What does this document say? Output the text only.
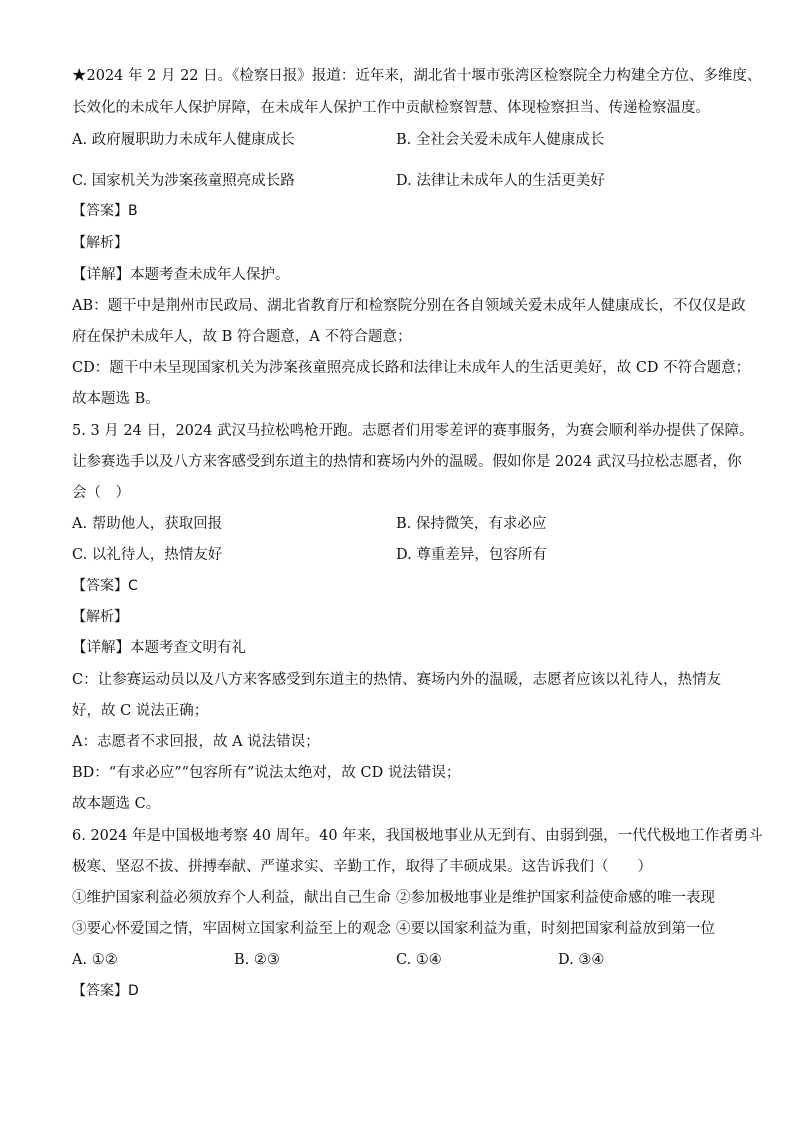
★2024 年 2 月 22 日。《检察日报》报道：近年来，湖北省十堰市张湾区检察院全力构建全方位、多维度、
长效化的未成年人保护屏障，在未成年人保护工作中贡献检察智慧、体现检察担当、传递检察温度。
A. 政府履职助力未成年人健康成长	B. 全社会关爱未成年人健康成长
C. 国家机关为涉案孩童照亮成长路	D. 法律让未成年人的生活更美好
【答案】B
【解析】
【详解】本题考查未成年人保护。
AB：题干中是荆州市民政局、湖北省教育厅和检察院分别在各自领域关爱未成年人健康成长，不仅仅是政
府在保护未成年人，故 B 符合题意，A 不符合题意；
CD：题干中未呈现国家机关为涉案孩童照亮成长路和法律让未成年人的生活更美好，故 CD 不符合题意；
故本题选 B。
5. 3 月 24 日，2024 武汉马拉松鸣枪开跑。志愿者们用零差评的赛事服务，为赛会顺利举办提供了保障。
让参赛选手以及八方来客感受到东道主的热情和赛场内外的温暖。假如你是 2024 武汉马拉松志愿者，你
会（　）
A. 帮助他人，获取回报	B. 保持微笑，有求必应
C. 以礼待人，热情友好	D. 尊重差异，包容所有
【答案】C
【解析】
【详解】本题考查文明有礼
C：让参赛运动员以及八方来客感受到东道主的热情、赛场内外的温暖，志愿者应该以礼待人，热情友
好，故 C 说法正确；
A：志愿者不求回报，故 A 说法错误；
BD：“有求必应”“包容所有”说法太绝对，故 CD 说法错误；
故本题选 C。
6. 2024 年是中国极地考察 40 周年。40 年来，我国极地事业从无到有、由弱到强，一代代极地工作者勇斗
极寒、坚忍不拔、拼搏奉献、严谨求实、辛勤工作，取得了丰硕成果。这告诉我们（　　）
①维护国家利益必须放弃个人利益，献出自己生命 ②参加极地事业是维护国家利益使命感的唯一表现
③要心怀爱国之情，牢固树立国家利益至上的观念 ④要以国家利益为重，时刻把国家利益放到第一位
A. ①②	B. ②③	C. ①④	D. ③④
【答案】D
